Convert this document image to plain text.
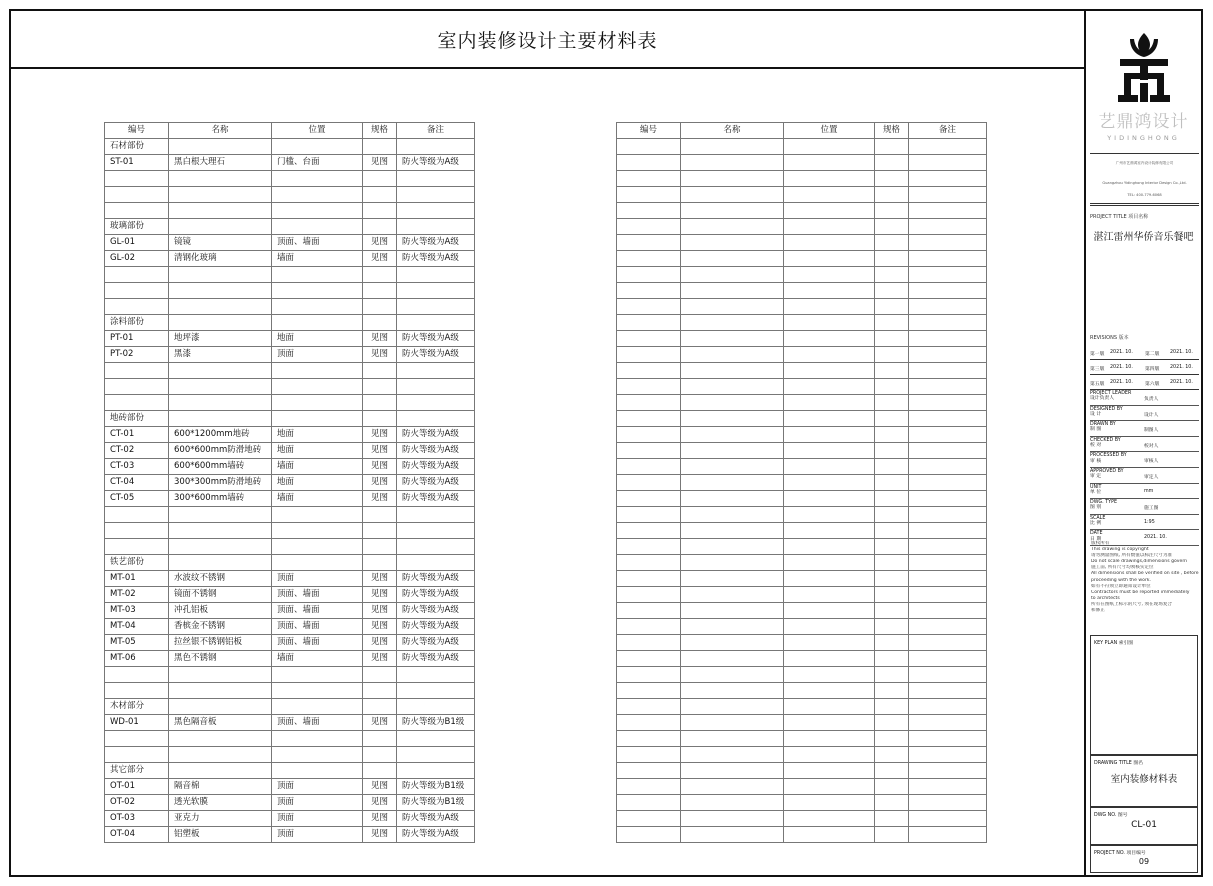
室内装修设计主要材料表
艺鼎鸿设计
YIDINGHONG
广州市艺鼎鸿室内设计装修有限公司
Guangzhou Yidinghong Interior Design Co.,Ltd.
TEL: 400-779-6068
PROJECT TITLE 项目名称
湛江雷州华侨音乐餐吧
REVISIONS 版本
第一版 2021. 10.	第二版 2021. 10.
第三版 2021. 10.	第四版 2021. 10.
第五版 2021. 10.	第六版 2021. 10.
PROJECT LEADER
设计负责人	负责人
DESIGNED BY
设 计	设计人
DRAWN BY
制 图	制图人
CHECKED BY
校 对	校对人
PROCESSED BY
审 核	审核人
APPROVED BY
审 定	审定人
UNIT
单 位	mm
DWG. TYPE
图 别	施工图
SCALE
比 例	1:95
DATE
日 期	2021. 10.
版权所有
This drawing is copyright
请勿测量图纸, 所有数值以标注尺寸为准
Do not scale drawings,dimensions govern
施工前, 所有尺寸均须核实定位
All dimensions shall be verified on site , before
proceeding with the work.
如有不符须立即通知设计单位
Contractors must be reported immediately
to architects
所有在图纸上标示的尺寸, 须在现场复合
和修正
KEY PLAN 索引图
DRAWING TITLE 图名
室内装修材料表
DWG NO. 图号
CL-01
PROJECT NO. 项目编号
09
编号	名称	位置	规格	备注
石材部份				
ST-01	黑白根大理石	门槛、台面	见图	防火等级为A级

玻璃部份				
GL-01	镜镜	顶面、墙面	见图	防火等级为A级
GL-02	清钢化玻璃	墙面	见图	防火等级为A级

涂料部份				
PT-01	地坪漆	地面	见图	防火等级为A级
PT-02	黑漆	顶面	见图	防火等级为A级

地砖部份				
CT-01	600*1200mm地砖	地面	见图	防火等级为A级
CT-02	600*600mm防滑地砖	地面	见图	防火等级为A级
CT-03	600*600mm墙砖	墙面	见图	防火等级为A级
CT-04	300*300mm防滑地砖	地面	见图	防火等级为A级
CT-05	300*600mm墙砖	墙面	见图	防火等级为A级

铁艺部份				
MT-01	水波纹不锈钢	顶面	见图	防火等级为A级
MT-02	镜面不锈钢	顶面、墙面	见图	防火等级为A级
MT-03	冲孔铝板	顶面、墙面	见图	防火等级为A级
MT-04	香槟金不锈钢	顶面、墙面	见图	防火等级为A级
MT-05	拉丝银不锈钢铝板	顶面、墙面	见图	防火等级为A级
MT-06	黑色不锈钢	墙面	见图	防火等级为A级

木材部分				
WD-01	黑色隔音板	顶面、墙面	见图	防火等级为B1级

其它部分				
OT-01	隔音棉	顶面	见图	防火等级为B1级
OT-02	透光软膜	顶面	见图	防火等级为B1级
OT-03	亚克力	顶面	见图	防火等级为A级
OT-04	铝塑板	顶面	见图	防火等级为A级
编号	名称	位置	规格	备注
